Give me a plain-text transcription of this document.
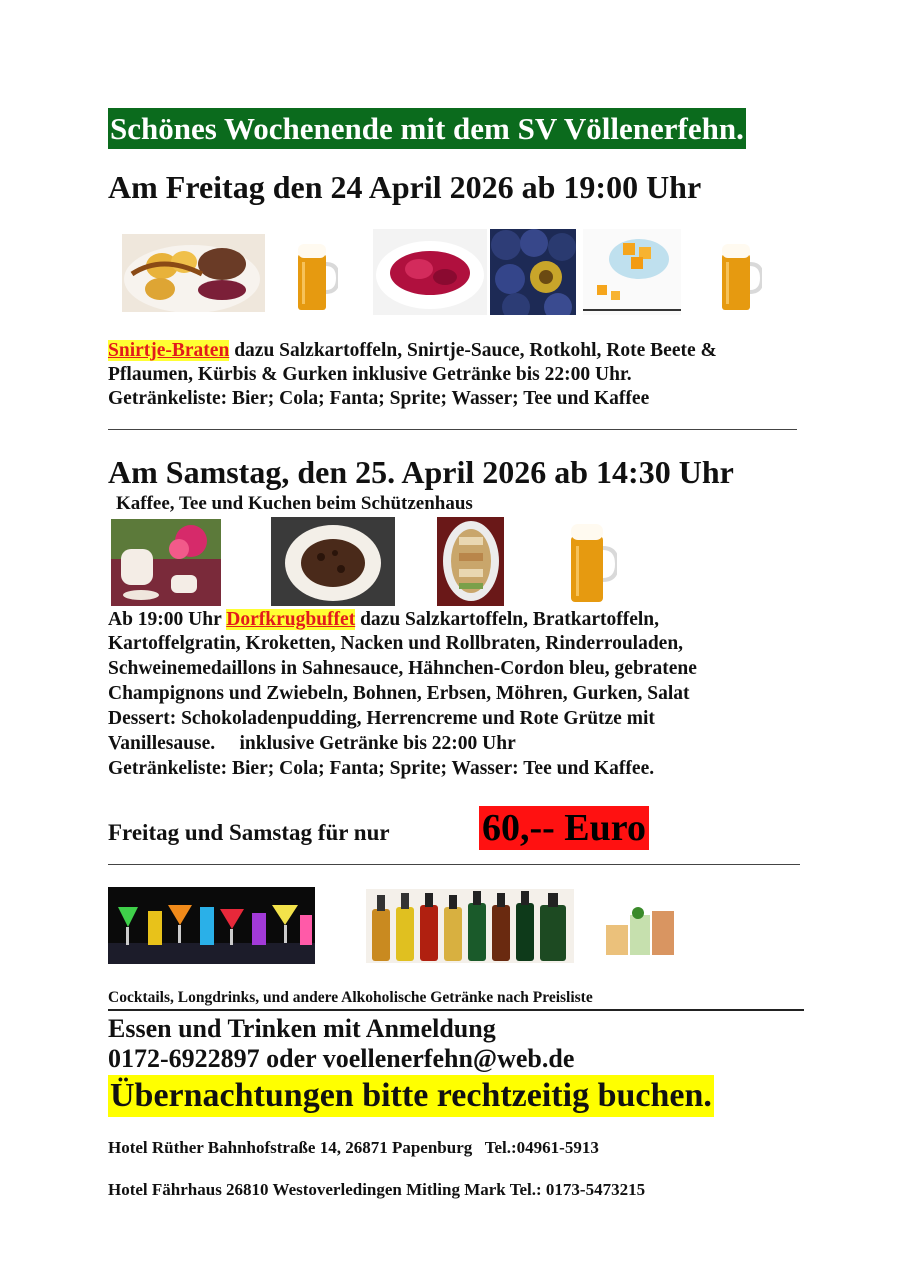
Schönes Wochenende mit dem SV Völlenerfehn.
Am Freitag den 24 April 2026 ab 19:00 Uhr
Snirtje-Braten dazu Salzkartoffeln, Snirtje-Sauce, Rotkohl, Rote Beete &
Pflaumen, Kürbis & Gurken inklusive Getränke bis 22:00 Uhr.
Getränkeliste: Bier; Cola; Fanta; Sprite; Wasser; Tee und Kaffee
Am Samstag, den 25. April 2026 ab 14:30 Uhr
Kaffee, Tee und Kuchen beim Schützenhaus
Ab 19:00 Uhr Dorfkrugbuffet dazu Salzkartoffeln, Bratkartoffeln,
Kartoffelgratin, Kroketten, Nacken und Rollbraten, Rinderrouladen,
Schweinemedaillons in Sahnesauce, Hähnchen-Cordon bleu, gebratene
Champignons und Zwiebeln, Bohnen, Erbsen, Möhren, Gurken, Salat
Dessert: Schokoladenpudding, Herrencreme und Rote Grütze mit
Vanillesause.     inklusive Getränke bis 22:00 Uhr
Getränkeliste: Bier; Cola; Fanta; Sprite; Wasser: Tee und Kaffee.
Freitag und Samstag für nur 60,-- Euro
Cocktails, Longdrinks, und andere Alkoholische Getränke nach Preisliste
Essen und Trinken mit Anmeldung
0172-6922897 oder voellenerfehn@web.de
Übernachtungen bitte rechtzeitig buchen.
Hotel Rüther Bahnhofstraße 14, 26871 Papenburg   Tel.:04961-5913
Hotel Fährhaus 26810 Westoverledingen Mitling Mark Tel.: 0173-5473215
